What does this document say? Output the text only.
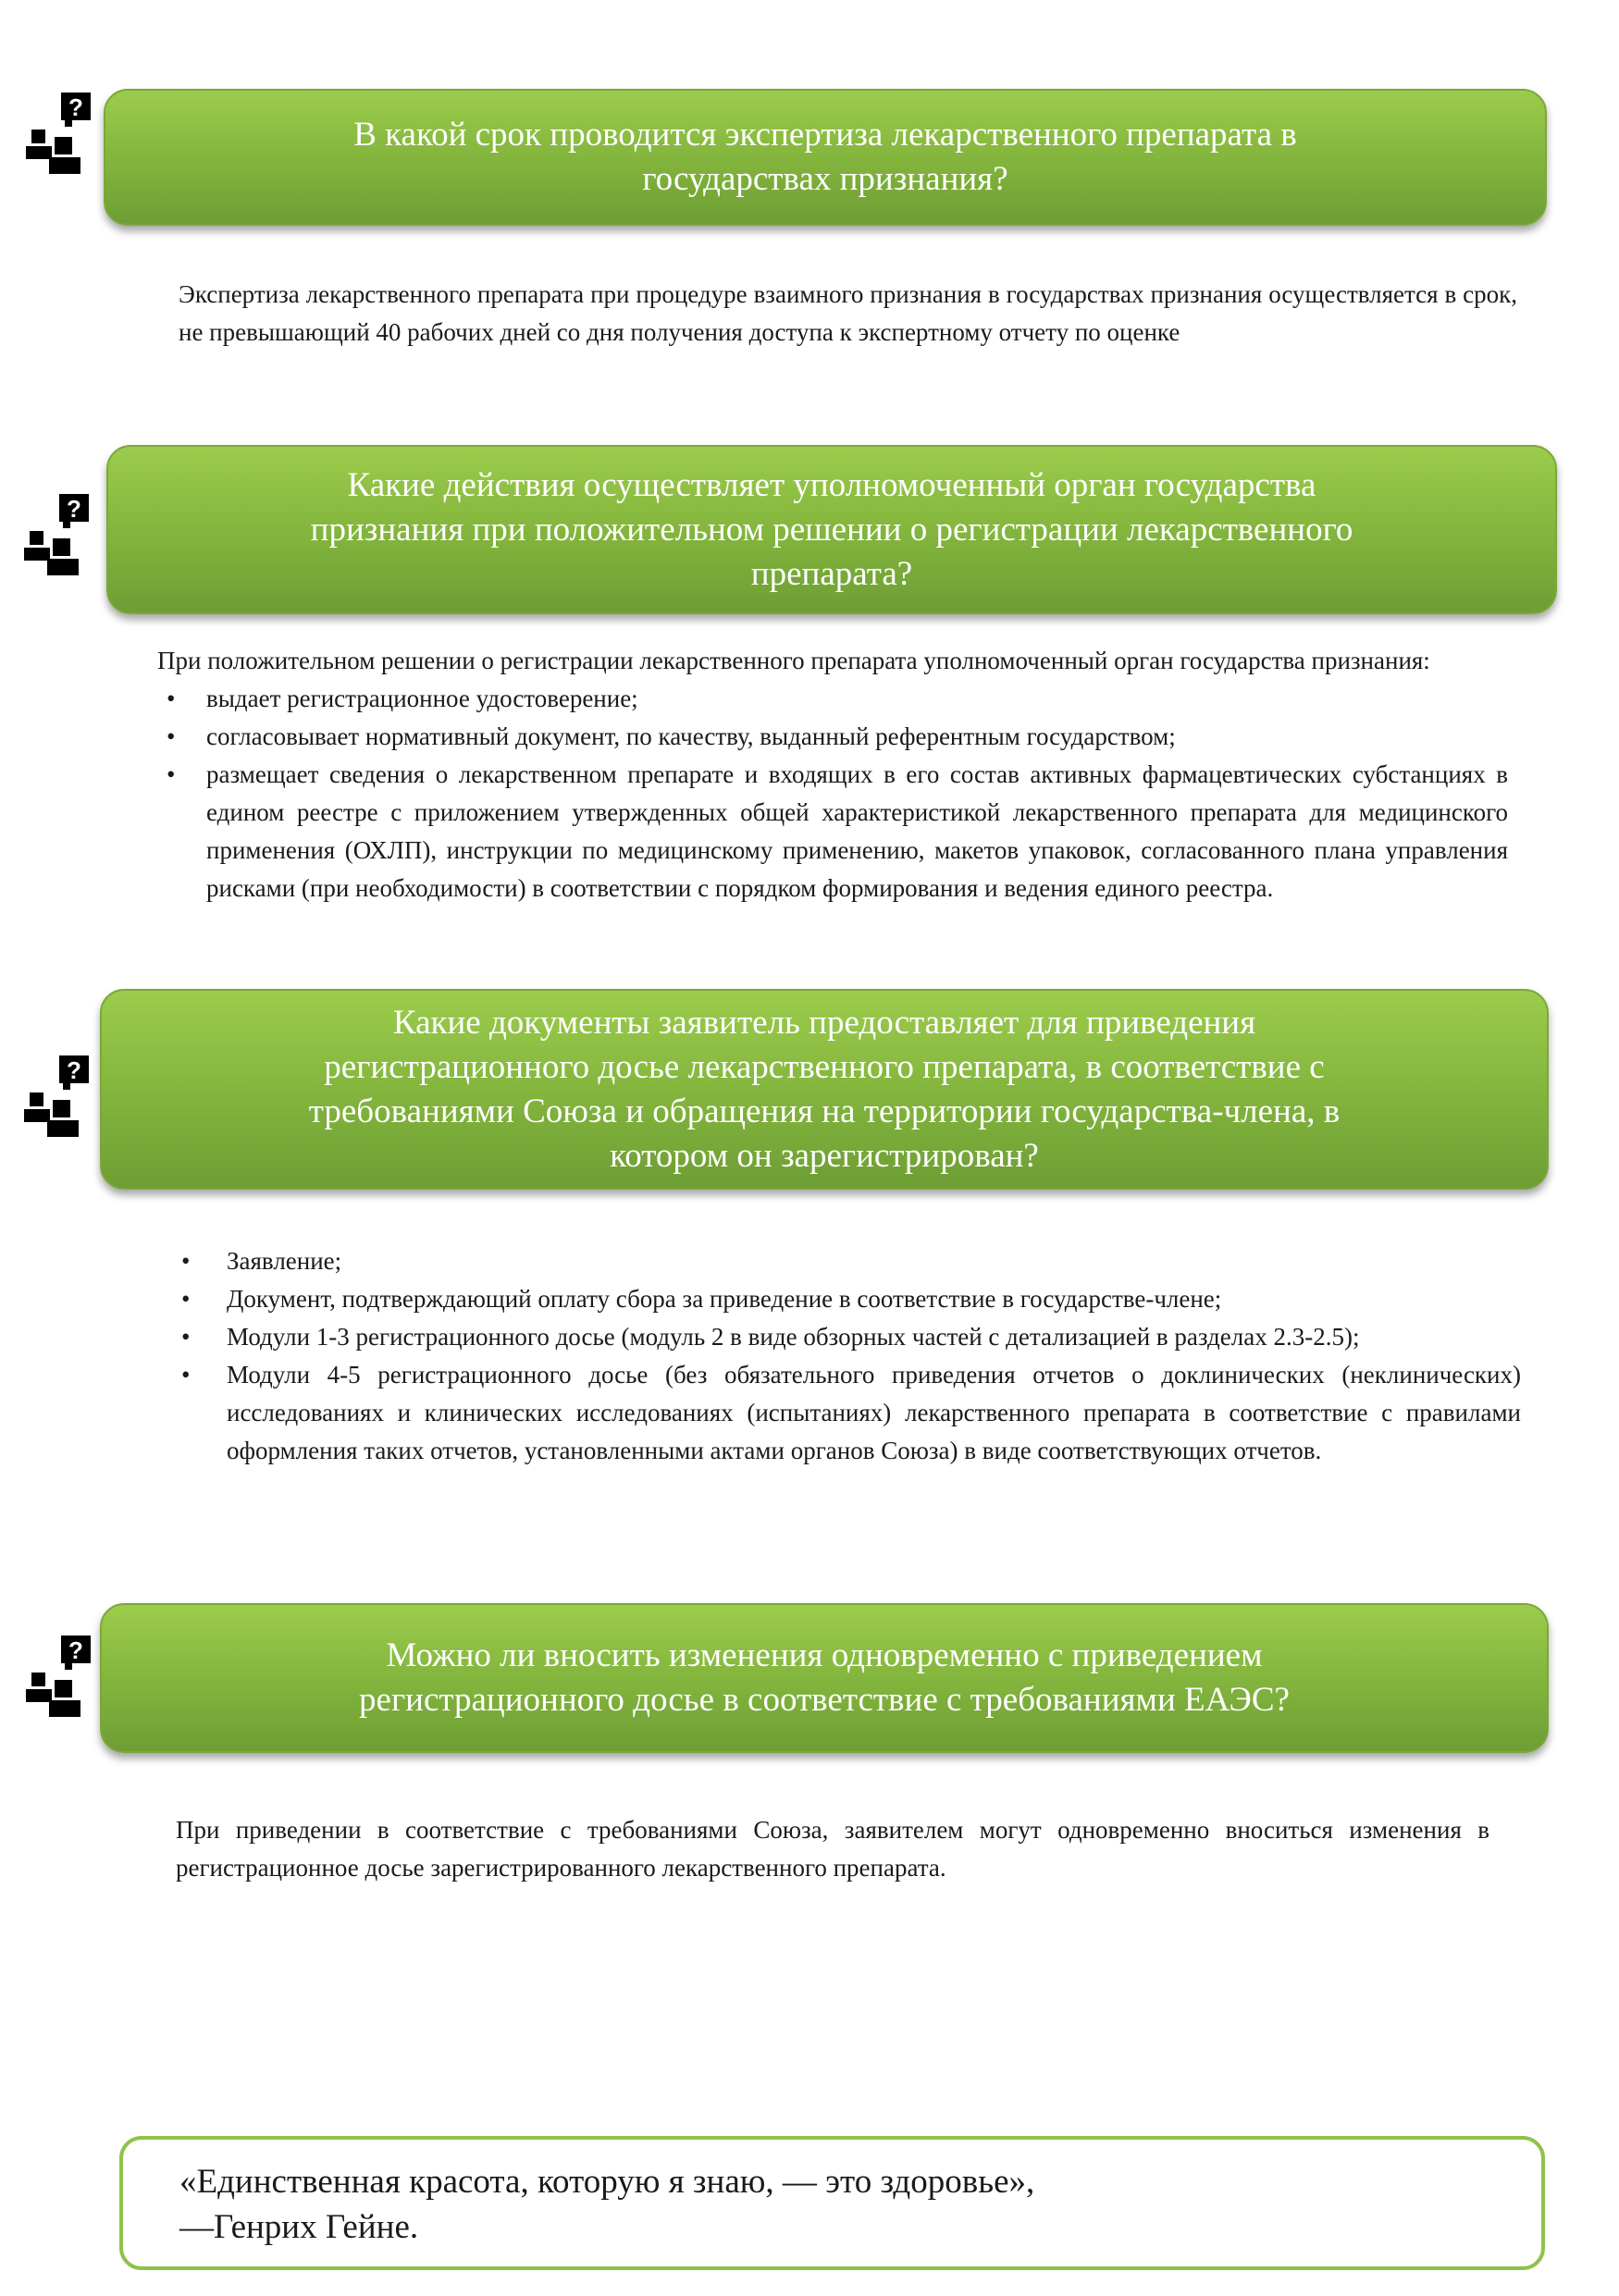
В какой срок проводится экспертиза лекарственного препарата в государствах признания?

Экспертиза лекарственного препарата при процедуре взаимного признания в государствах признания осуществляется в срок, не превышающий 40 рабочих дней со дня получения доступа к экспертному отчету по оценке

Какие действия осуществляет уполномоченный орган государства признания при положительном решении о регистрации лекарственного препарата?

При положительном решении о регистрации лекарственного препарата уполномоченный орган государства признания:

• выдает регистрационное удостоверение;
• согласовывает нормативный документ, по качеству, выданный референтным государством;
• размещает сведения о лекарственном препарате и входящих в его состав активных фармацевтических субстанциях в едином реестре с приложением утвержденных общей характеристикой лекарственного препарата для медицинского применения (ОХЛП), инструкции по медицинскому применению, макетов упаковок, согласованного плана управления рисками (при необходимости) в соответствии с порядком формирования и ведения единого реестра.
Какие документы заявитель предоставляет для приведения регистрационного досье лекарственного препарата, в соответствие с требованиями Союза и обращения на территории государства-члена, в котором он зарегистрирован?
• Заявление;
• Документ, подтверждающий оплату сбора за приведение в соответствие в государстве-члене;
• Модули 1-3 регистрационного досье (модуль 2 в виде обзорных частей с детализацией в разделах 2.3-2.5);
• Модули 4-5 регистрационного досье (без обязательного приведения отчетов о доклинических (неклинических) исследованиях и клинических исследованиях (испытаниях) лекарственного препарата в соответствие с правилами оформления таких отчетов, установленными актами органов Союза) в виде соответствующих отчетов.
Можно ли вносить изменения одновременно с приведением регистрационного досье в соответствие с требованиями ЕАЭС?

При приведении в соответствие с требованиями Союза, заявителем могут одновременно вноситься изменения в регистрационное досье зарегистрированного лекарственного препарата.

«Единственная красота, которую я знаю, — это здоровье»,
—Генрих Гейне.
